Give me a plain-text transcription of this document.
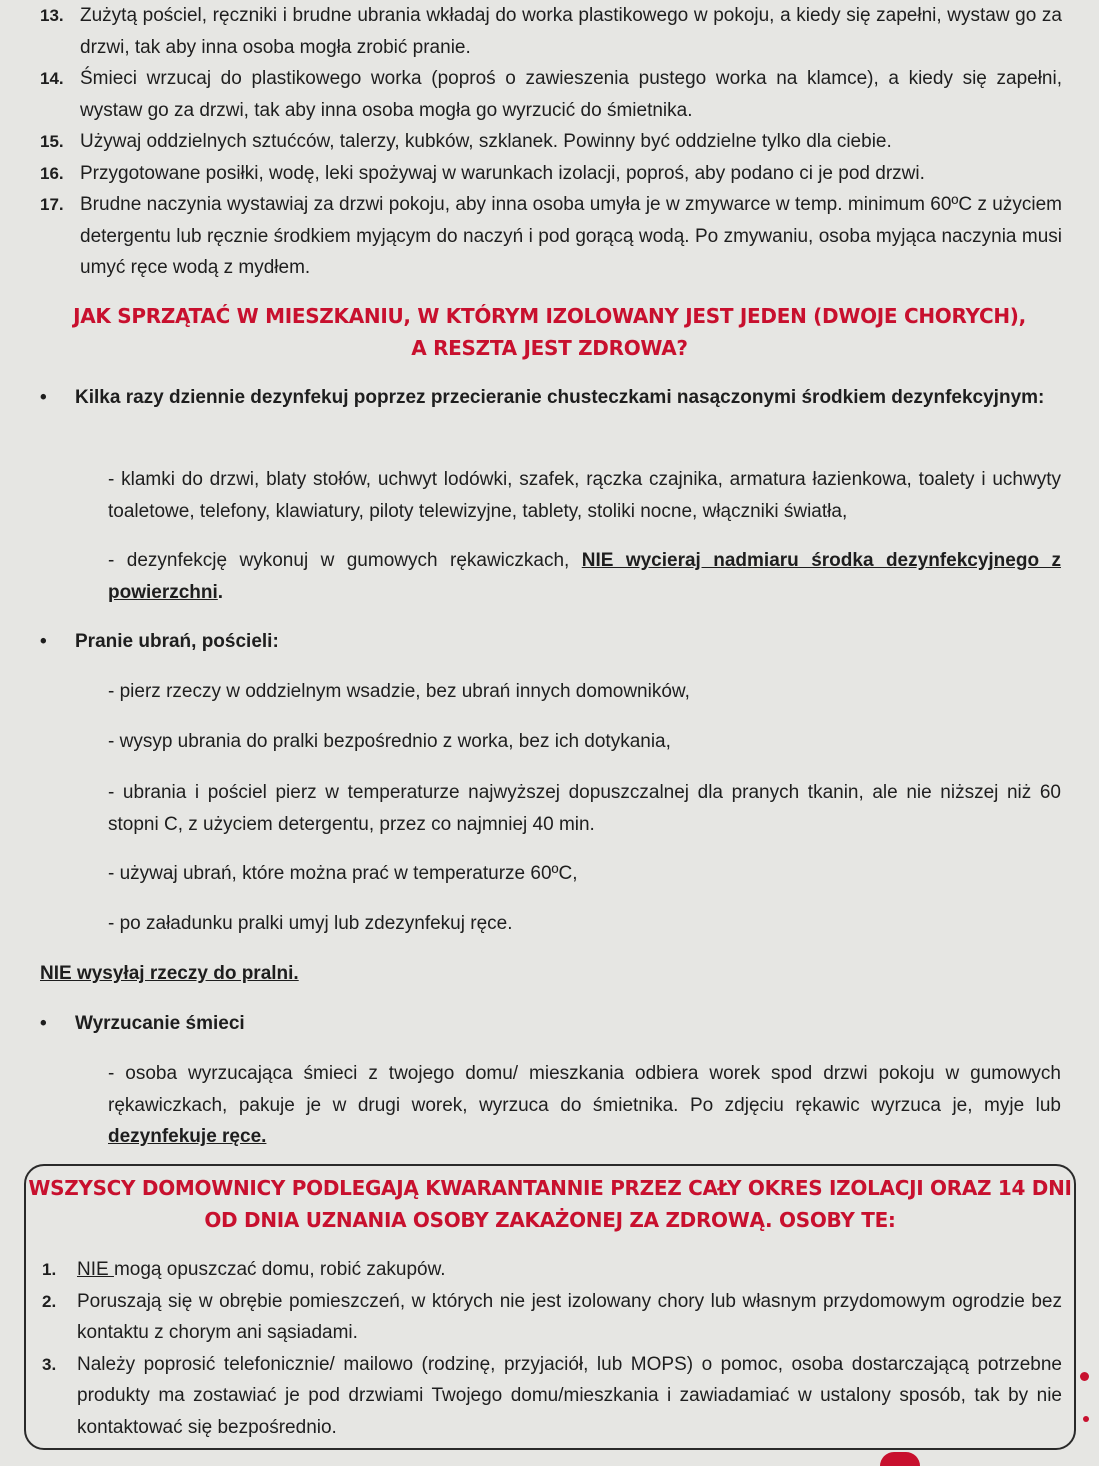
13. Zużytą pościel, ręczniki i brudne ubrania wkładaj do worka plastikowego w pokoju, a kiedy się zapełni, wystaw go za drzwi, tak aby inna osoba mogła zrobić pranie.
14. Śmieci wrzucaj do plastikowego worka (poproś o zawieszenia pustego worka na klamce), a kiedy się zapełni, wystaw go za drzwi, tak aby inna osoba mogła go wyrzucić do śmietnika.
15. Używaj oddzielnych sztućców, talerzy, kubków, szklanek. Powinny być oddzielne tylko dla ciebie.
16. Przygotowane posiłki, wodę, leki spożywaj w warunkach izolacji, poproś, aby podano ci je pod drzwi.
17. Brudne naczynia wystawiaj za drzwi pokoju, aby inna osoba umyła je w zmywarce w temp. minimum 60ºC z użyciem detergentu lub ręcznie środkiem myjącym do naczyń i pod gorącą wodą. Po zmywaniu, osoba myjąca naczynia musi umyć ręce wodą z mydłem.
JAK SPRZĄTAĆ W MIESZKANIU, W KTÓRYM IZOLOWANY JEST JEDEN (DWOJE CHORYCH),
A RESZTA JEST ZDROWA?
• Kilka razy dziennie dezynfekuj poprzez przecieranie chusteczkami nasączonymi środkiem dezynfekcyjnym:
- klamki do drzwi, blaty stołów, uchwyt lodówki, szafek, rączka czajnika, armatura łazienkowa, toalety i uchwyty toaletowe, telefony, klawiatury, piloty telewizyjne, tablety, stoliki nocne, włączniki światła,
- dezynfekcję wykonuj w gumowych rękawiczkach, NIE wycieraj nadmiaru środka dezynfekcyjnego z powierzchni.
• Pranie ubrań, pościeli:
- pierz rzeczy w oddzielnym wsadzie, bez ubrań innych domowników,
- wysyp ubrania do pralki bezpośrednio z worka, bez ich dotykania,
- ubrania i pościel pierz w temperaturze najwyższej dopuszczalnej dla pranych tkanin, ale nie niższej niż 60 stopni C, z użyciem detergentu, przez co najmniej 40 min.
- używaj ubrań, które można prać w temperaturze 60ºC,
- po załadunku pralki umyj lub zdezynfekuj ręce.
NIE wysyłaj rzeczy do pralni.
• Wyrzucanie śmieci
- osoba wyrzucająca śmieci z twojego domu/ mieszkania odbiera worek spod drzwi pokoju w gumowych rękawiczkach, pakuje je w drugi worek, wyrzuca do śmietnika. Po zdjęciu rękawic wyrzuca je, myje lub dezynfekuje ręce.
WSZYSCY DOMOWNICY PODLEGAJĄ KWARANTANNIE PRZEZ CAŁY OKRES IZOLACJI ORAZ 14 DNI
OD DNIA UZNANIA OSOBY ZAKAŻONEJ ZA ZDROWĄ. OSOBY TE:
1.	NIE mogą opuszczać domu, robić zakupów.
2.	Poruszają się w obrębie pomieszczeń, w których nie jest izolowany chory lub własnym przydomowym ogrodzie bez kontaktu z chorym ani sąsiadami.
3.	Należy poprosić telefonicznie/ mailowo (rodzinę, przyjaciół, lub MOPS) o pomoc, osoba dostarczającą potrzebne produkty ma zostawiać je pod drzwiami Twojego domu/mieszkania i zawiadamiać w ustalony sposób, tak by nie kontaktować się bezpośrednio.
